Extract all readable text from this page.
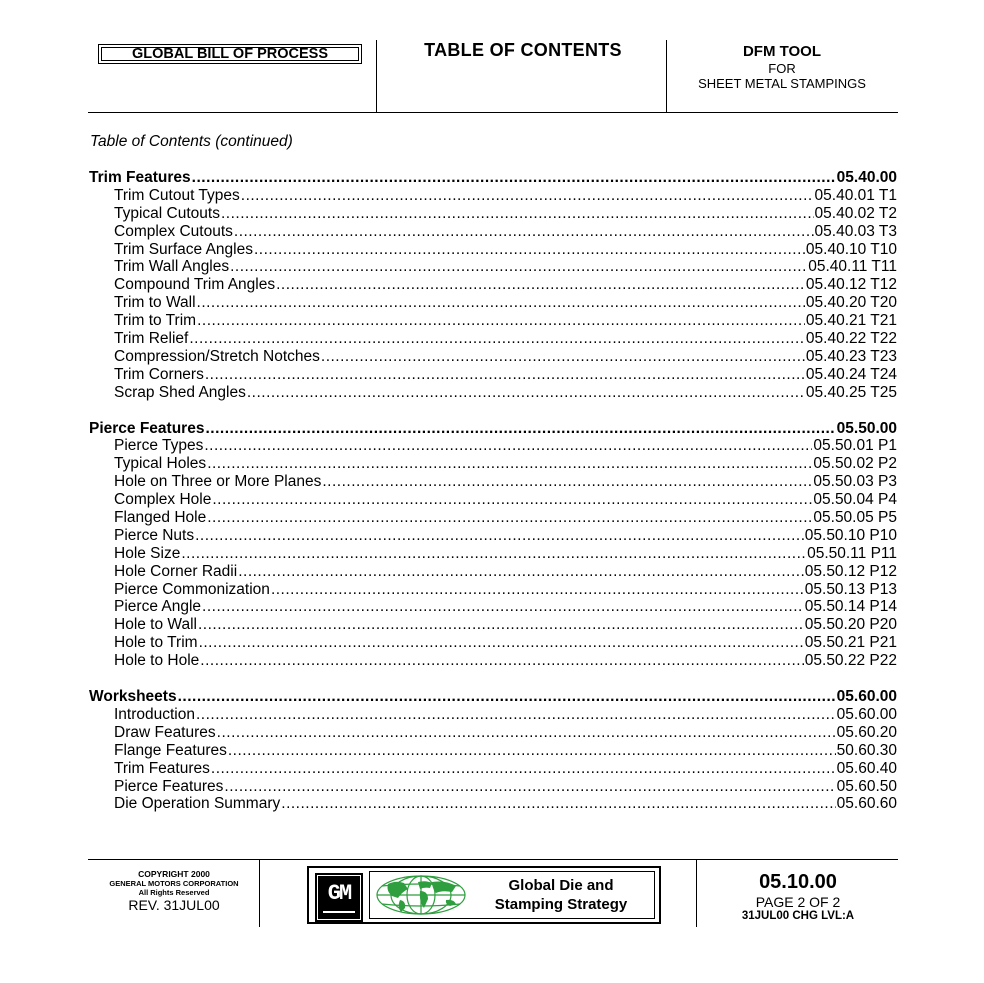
GLOBAL BILL OF PROCESS	TABLE OF CONTENTS	DFM TOOL
FOR
SHEET METAL STAMPINGS
Table of Contents (continued)
Trim Features .....	05.40.00
Trim Cutout Types .....	05.40.01 T1
Typical Cutouts .....	05.40.02 T2
Complex Cutouts .....	05.40.03 T3
Trim Surface Angles .....	05.40.10 T10
Trim Wall Angles .....	05.40.11 T11
Compound Trim Angles .....	05.40.12 T12
Trim to Wall .....	05.40.20 T20
Trim to Trim .....	05.40.21 T21
Trim Relief .....	05.40.22 T22
Compression/Stretch Notches .....	05.40.23 T23
Trim Corners .....	05.40.24 T24
Scrap Shed Angles .....	05.40.25 T25
Pierce Features .....	05.50.00
Pierce Types .....	05.50.01 P1
Typical Holes .....	05.50.02 P2
Hole on Three or More Planes .....	05.50.03 P3
Complex Hole .....	05.50.04 P4
Flanged Hole .....	05.50.05 P5
Pierce Nuts .....	05.50.10 P10
Hole Size .....	05.50.11 P11
Hole Corner Radii .....	05.50.12 P12
Pierce Commonization .....	05.50.13 P13
Pierce Angle .....	05.50.14 P14
Hole to Wall .....	05.50.20 P20
Hole to Trim .....	05.50.21 P21
Hole to Hole .....	05.50.22 P22
Worksheets .....	05.60.00
Introduction .....	05.60.00
Draw Features .....	05.60.20
Flange Features .....	50.60.30
Trim Features .....	05.60.40
Pierce Features .....	05.60.50
Die Operation Summary .....	05.60.60
COPYRIGHT 2000
GENERAL MOTORS CORPORATION
All Rights Reserved
REV. 31JUL00	GM	Global Die and
Stamping Strategy
05.10.00
PAGE 2 OF 2
31JUL00 CHG LVL:A
